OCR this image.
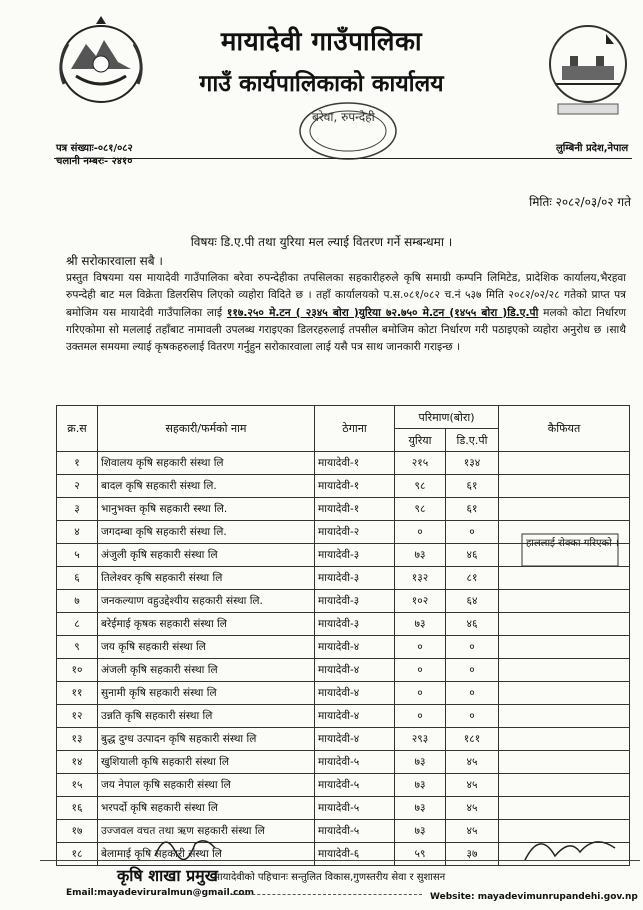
मायादेवी गाउँपालिका
गाउँ कार्यपालिकाको कार्यालय
बरेवा, रुपन्देही
पत्र संख्याः-०८१/०८२
चलानी नम्बरः- २४१०
लुम्बिनी प्रदेश,नेपाल
मितिः २०८२/०३/०२ गते
विषयः डि.ए.पी तथा युरिया मल ल्याई वितरण गर्ने सम्बन्धमा ।
श्री सरोकारवाला सबै ।
प्रस्तुत विषयमा यस मायादेवी गाउँपालिका बरेवा रुपन्देहीका तपसिलका सहकारीहरुले कृषि समाग्री कम्पनि लिमिटेड, प्रादेशिक कार्यालय,भैरहवा रुपन्देही बाट मल विक्रेता डिलरसिप लिएको व्यहोरा विदिते छ । तहाँ कार्यालयको प.स.०८१/०८२ च.नं ५३७ मिति २०८२/०२/२८ गतेको प्राप्त पत्र बमोजिम यस मायादेवी गाउँपालिका लाई ११७.२५० मे.टन ( २३४५ बोरा )युरिया ७२.७५० मे.टन (१४५५ बोरा )डि.ए.पी मलको कोटा निर्धारण गरिएकोमा सो मललाई तहाँबाट नामावली उपलब्ध गराइएका डिलरहरुलाई तपसील बमोजिम कोटा निर्धारण गरी पठाइएको व्यहोरा अनुरोध छ ।साथै उक्तमल समयमा ल्याई कृषकहरुलाई वितरण गर्नुहुन सरोकारवाला लाई यसै पत्र साथ जानकारी गराइन्छ ।
क्र.स	सहकारी/फर्मको नाम	ठेगाना	परिमाण(बोरा)		कैफियत
			युरिया	डि.ए.पी	
१	शिवालय कृषि सहकारी संस्था लि	मायादेवी-१	२१५	१३४	
२	बादल कृषि सहकारी संस्था लि.	मायादेवी-१	९८	६१	
३	भानुभक्त कृषि सहकारी स्स्था लि.	मायादेवी-१	९८	६१	
४	जगदम्बा कृषि सहकारी संस्था लि.	मायादेवी-२	०	०	
५	अंजुली कृषि सहकारी संस्था लि	मायादेवी-३	७३	४६	
६	तिलेश्वर कृषि सहकारी संस्था लि	मायादेवी-३	१३२	८१	
७	जनकल्याण वहुउद्देश्यीय सहकारी संस्था लि.	मायादेवी-३	१०२	६४	
८	बरेईमाई कृषक सहकारी संस्था लि	मायादेवी-३	७३	४६	
९	जय कृषि सहकारी संस्था लि	मायादेवी-४	०	०	
१०	अंजली कृषि सहकारी संस्था लि	मायादेवी-४	०	०	
११	सुनामी कृषि सहकारी संस्था लि	मायादेवी-४	०	०	
१२	उन्नति कृषि सहकारी संस्था लि	मायादेवी-४	०	०	
१३	बुद्ध दुग्ध उत्पादन कृषि सहकारी संस्था लि	मायादेवी-४	२९३	१८१	
१४	खुशियाली कृषि सहकारी संस्था लि	मायादेवी-५	७३	४५	
१५	जय नेपाल कृषि सहकारी संस्था लि	मायादेवी-५	७३	४५	
१६	भरपर्दो कृषि सहकारी संस्था लि	मायादेवी-५	७३	४५	
१७	उज्जवल वचत तथा ऋण सहकारी संस्था लि	मायादेवी-५	७३	४५	
१८	बेलामाई कृषि सहकारी संस्था लि	मायादेवी-६	५९	३७	
हाललाई रोक्का गरिएको ।
कृषि शाखा प्रमुख
मायादेवीको पहिचानः सन्तुलित विकास,गुणस्तरीय सेवा र सुशासन
Email:mayadeviruralmun@gmail.com	Website: mayadevimunrupandehi.gov.np
